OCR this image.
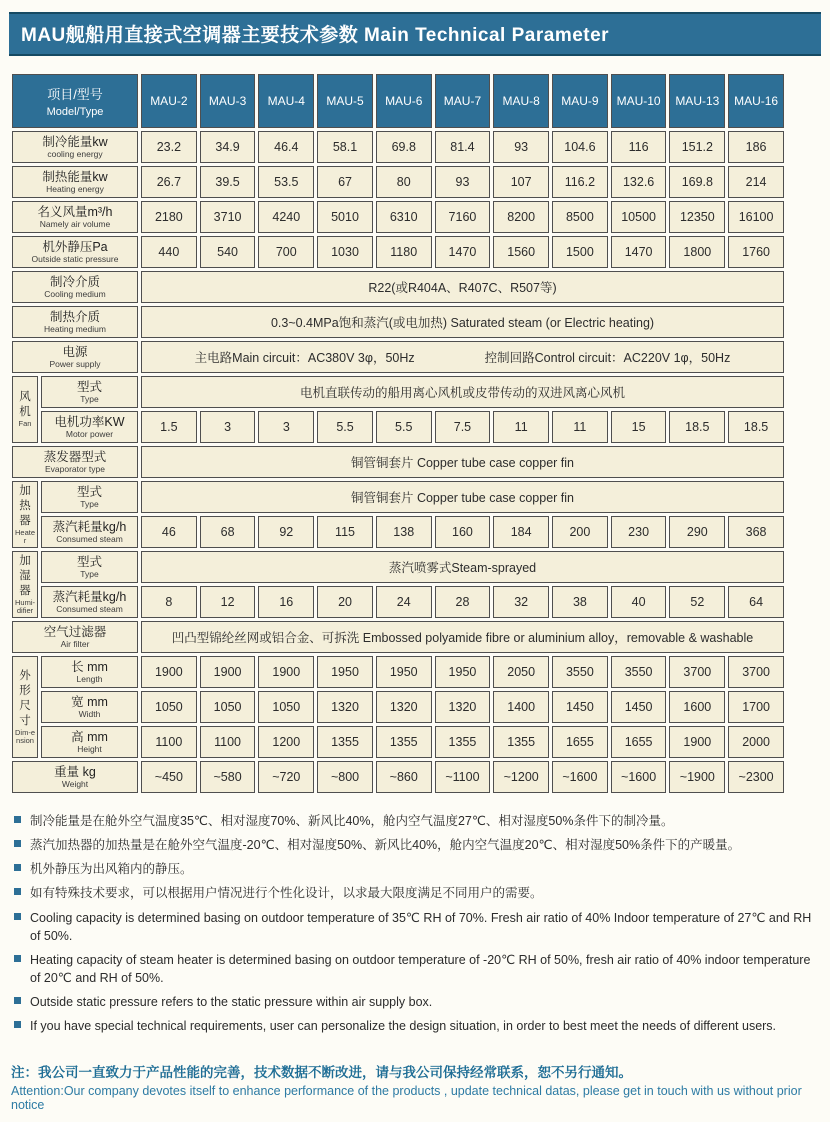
MAU舰船用直接式空调器主要技术参数 Main Technical Parameter
项目/型号
Model/Type		MAU-2	MAU-3	MAU-4	MAU-5	MAU-6	MAU-7	MAU-8	MAU-9	MAU-10	MAU-13	MAU-16

制冷能量kw
cooling energy		23.2	34.9	46.4	58.1	69.8	81.4	93	104.6	116	151.2	186

制热能量kw
Heating energy		26.7	39.5	53.5	67	80	93	107	116.2	132.6	169.8	214

名义风量m³/h
Namely air volume		2180	3710	4240	5010	6310	7160	8200	8500	10500	12350	16100

机外静压Pa
Outside static pressure		440	540	700	1030	1180	1470	1560	1500	1470	1800	1760

制冷介质
Cooling medium		R22(或R404A、R407C、R507等)										

制热介质
Heating medium		0.3~0.4MPa饱和蒸汽(或电加热) Saturated steam (or Electric heating)										

电源
Power supply	主电路Main circuit：AC380V 3φ，50Hz	控制回路Control circuit：AC220V 1φ，50Hz

风机
Fan

型式
Type	电机直联传动的船用离心风机或皮带传动的双进风离心风机

	电机功率KW
Motor power	1.5	3	3	5.5	5.5	7.5	11	11	15	18.5	18.5

蒸发器型式
Evaporator type		铜管铜套片 Copper tube case copper fin										

加热器
Heater

型式
Type	铜管铜套片 Copper tube case copper fin

	蒸汽耗量kg/h
Consumed steam	46	68	92	115	138	160	184	200	230	290	368

加湿器
Humi-difier

型式
Type	蒸汽喷雾式Steam-sprayed

	蒸汽耗量kg/h
Consumed steam	8	12	16	20	24	28	32	38	40	52	64

空气过滤器
Air filter		凹凸型锦纶丝网或铝合金、可拆洗 Embossed polyamide fibre or aluminium alloy，removable & washable										

外形尺寸
Dim-ension

长 mm
Length
	1900	1900	1900	1950	1950	1950	2050	3550	3550	3700	3700

	宽 mm
Width	1050	1050	1050	1320	1320	1320	1400	1450	1450	1600	1700

	高 mm
Height	1100	1100	1200	1355	1355	1355	1355	1655	1655	1900	2000

重量 kg
Weight		~450	~580	~720	~800	~860	~1100	~1200	~1600	~1600	~1900	~2300
制冷能量是在舱外空气温度35℃、相对湿度70%、新风比40%，舱内空气温度27℃、相对湿度50%条件下的制冷量。
蒸汽加热器的加热量是在舱外空气温度-20℃、相对湿度50%、新风比40%，舱内空气温度20℃、相对湿度50%条件下的产暖量。
机外静压为出风箱内的静压。
如有特殊技术要求，可以根据用户情况进行个性化设计，以求最大限度满足不同用户的需要。
Cooling capacity is determined basing on outdoor temperature of 35℃ RH of 70%. Fresh air ratio of 40% Indoor temperature of 27℃ and RH of 50%.
Heating capacity of steam heater is determined basing on outdoor temperature of -20℃ RH of 50%, fresh air ratio of 40% indoor temperature of 20℃ and RH of 50%.
Outside static pressure refers to the static pressure within air supply box.
If you have special technical requirements, user can personalize the design situation, in order to best meet the needs of different users.
注：我公司一直致力于产品性能的完善，技术数据不断改进，请与我公司保持经常联系，恕不另行通知。
Attention:Our company devotes itself to enhance performance of the products , update technical datas, please get in touch with us without prior notice
